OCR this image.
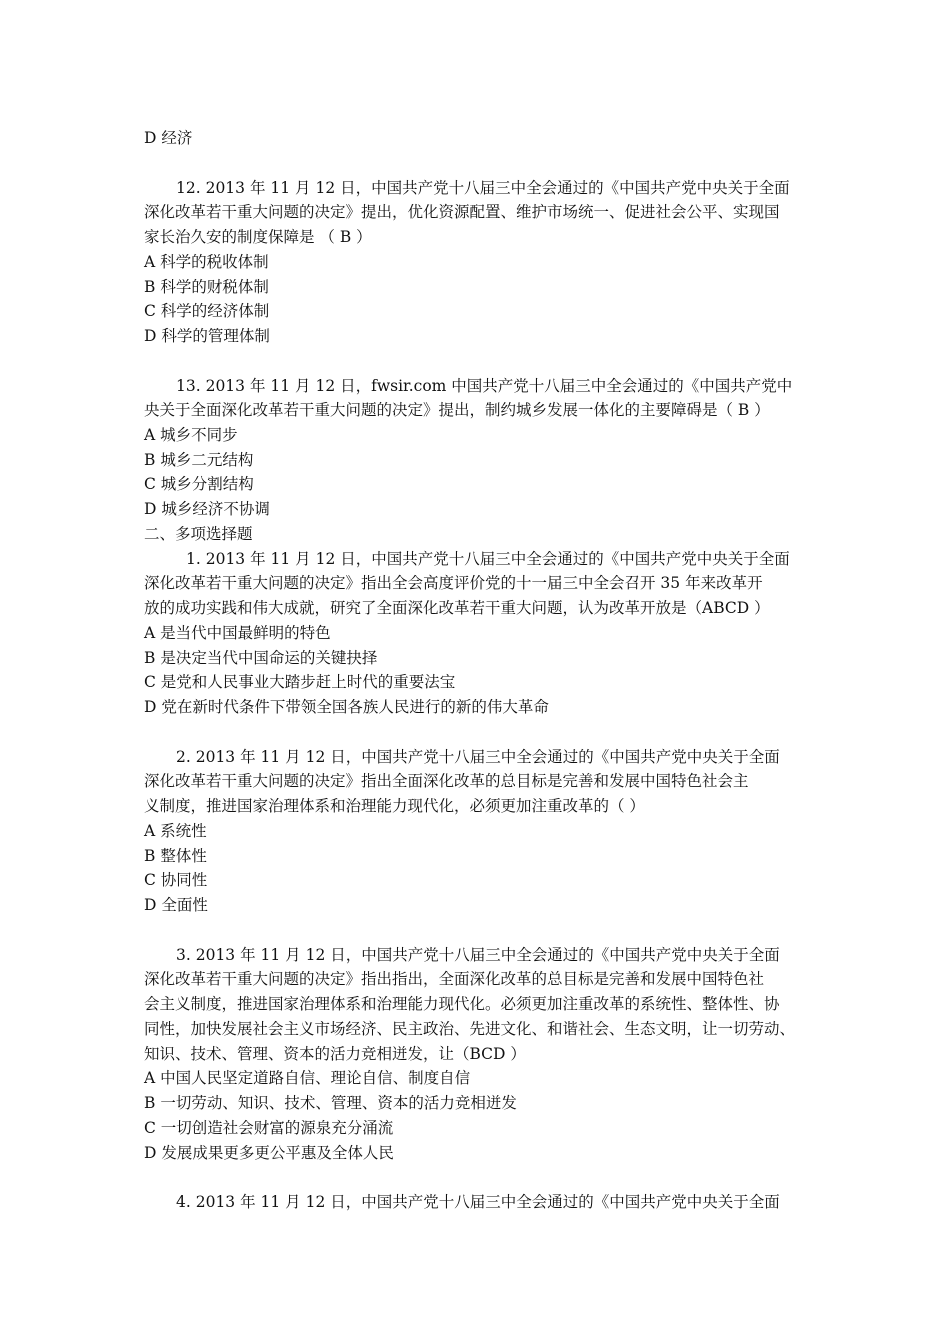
D 经济
12. 2013 年 11 月 12 日，中国共产党十八届三中全会通过的《中国共产党中央关于全面
深化改革若干重大问题的决定》提出，优化资源配置、维护市场统一、促进社会公平、实现国
家长治久安的制度保障是 （ B ）
A 科学的税收体制
B 科学的财税体制
C 科学的经济体制
D 科学的管理体制
13. 2013 年 11 月 12 日，fwsir.com 中国共产党十八届三中全会通过的《中国共产党中
央关于全面深化改革若干重大问题的决定》提出，制约城乡发展一体化的主要障碍是（ B ）
A 城乡不同步
B 城乡二元结构
C 城乡分割结构
D 城乡经济不协调
二、多项选择题
1. 2013 年 11 月 12 日，中国共产党十八届三中全会通过的《中国共产党中央关于全面
深化改革若干重大问题的决定》指出全会高度评价党的十一届三中全会召开 35 年来改革开
放的成功实践和伟大成就，研究了全面深化改革若干重大问题，认为改革开放是（ABCD ）
A 是当代中国最鲜明的特色
B 是决定当代中国命运的关键抉择
C 是党和人民事业大踏步赶上时代的重要法宝
D 党在新时代条件下带领全国各族人民进行的新的伟大革命
2. 2013 年 11 月 12 日，中国共产党十八届三中全会通过的《中国共产党中央关于全面
深化改革若干重大问题的决定》指出全面深化改革的总目标是完善和发展中国特色社会主
义制度，推进国家治理体系和治理能力现代化，必须更加注重改革的（ ）
A 系统性
B 整体性
C 协同性
D 全面性
3. 2013 年 11 月 12 日，中国共产党十八届三中全会通过的《中国共产党中央关于全面
深化改革若干重大问题的决定》指出指出，全面深化改革的总目标是完善和发展中国特色社
会主义制度，推进国家治理体系和治理能力现代化。必须更加注重改革的系统性、整体性、协
同性，加快发展社会主义市场经济、民主政治、先进文化、和谐社会、生态文明，让一切劳动、
知识、技术、管理、资本的活力竞相迸发，让（BCD ）
A 中国人民坚定道路自信、理论自信、制度自信
B 一切劳动、知识、技术、管理、资本的活力竞相迸发
C 一切创造社会财富的源泉充分涌流
D 发展成果更多更公平惠及全体人民
4. 2013 年 11 月 12 日，中国共产党十八届三中全会通过的《中国共产党中央关于全面
